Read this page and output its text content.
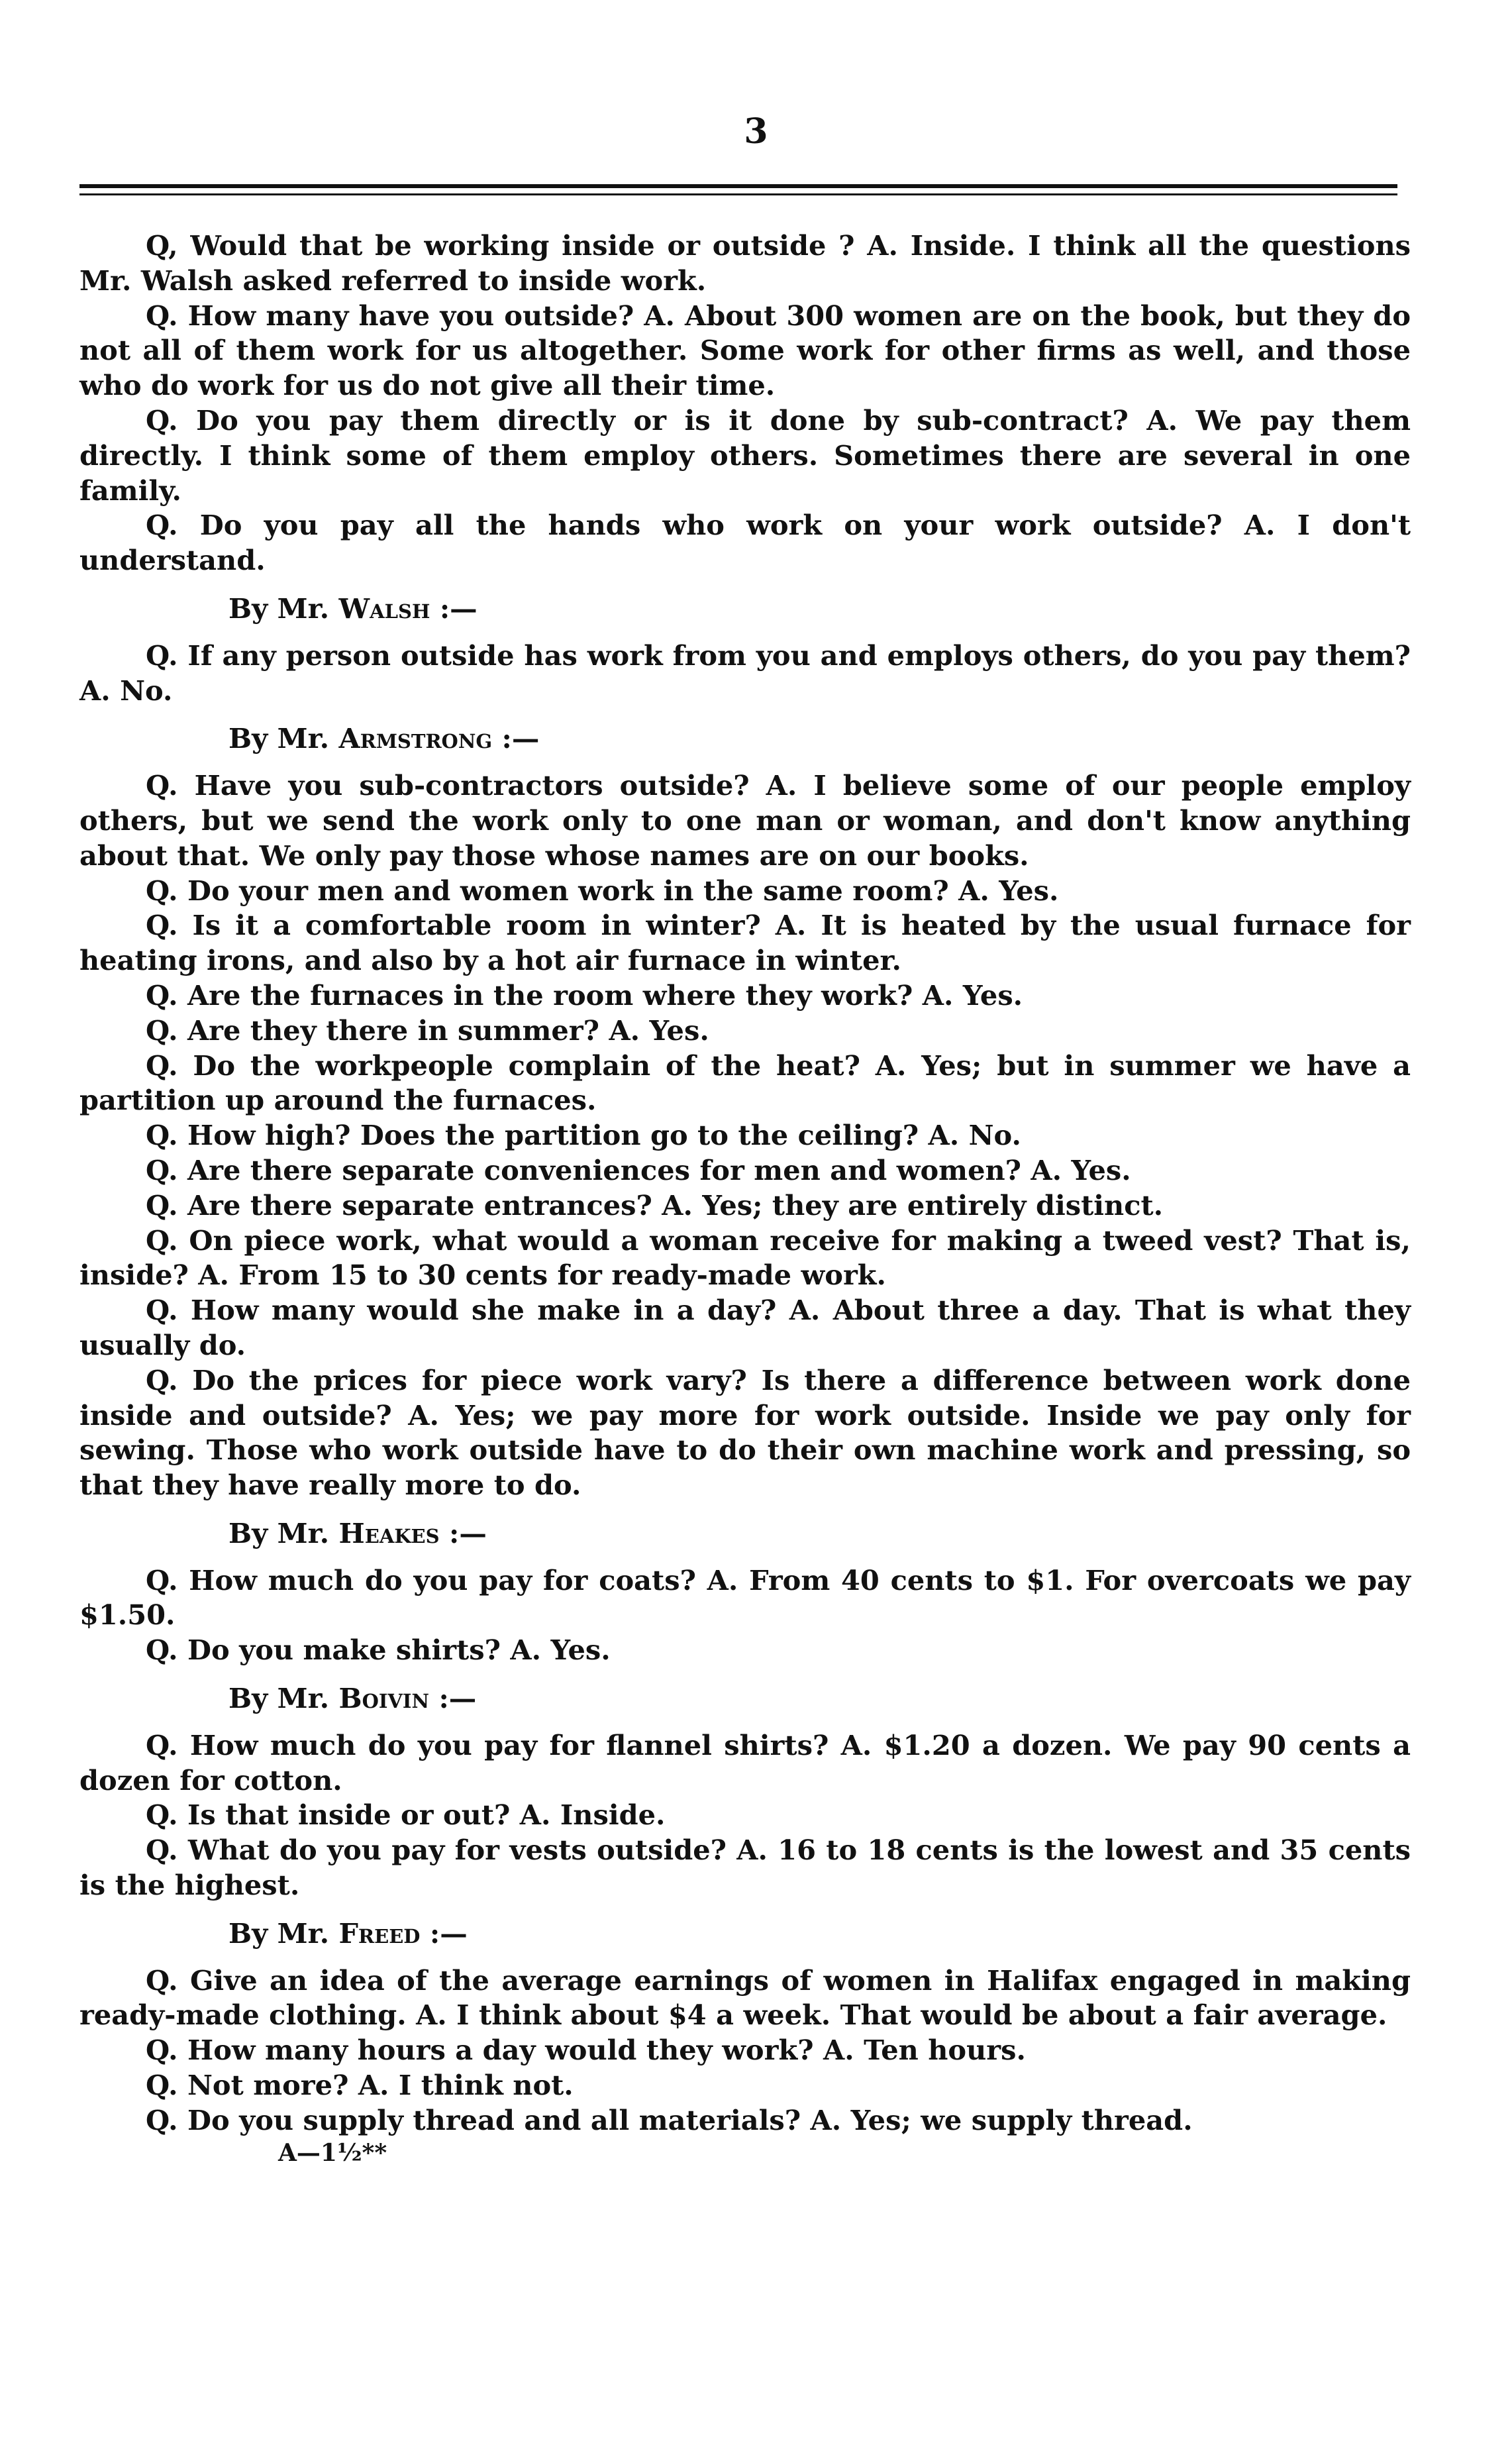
3

Q, Would that be working inside or outside ? A. Inside. I think all the questions Mr. Walsh asked referred to inside work.

Q. How many have you outside? A. About 300 women are on the book, but they do not all of them work for us altogether. Some work for other firms as well, and those who do work for us do not give all their time.

Q. Do you pay them directly or is it done by sub-contract? A. We pay them directly. I think some of them employ others. Sometimes there are several in one family.

Q. Do you pay all the hands who work on your work outside? A. I don't understand.

By Mr. Walsh :—

Q. If any person outside has work from you and employs others, do you pay them? A. No.

By Mr. Armstrong :—

Q. Have you sub-contractors outside? A. I believe some of our people employ others, but we send the work only to one man or woman, and don't know anything about that. We only pay those whose names are on our books.

Q. Do your men and women work in the same room? A. Yes.

Q. Is it a comfortable room in winter? A. It is heated by the usual furnace for heating irons, and also by a hot air furnace in winter.

Q. Are the furnaces in the room where they work? A. Yes.

Q. Are they there in summer? A. Yes.

Q. Do the workpeople complain of the heat? A. Yes; but in summer we have a partition up around the furnaces.

Q. How high? Does the partition go to the ceiling? A. No.

Q. Are there separate conveniences for men and women? A. Yes.

Q. Are there separate entrances? A. Yes; they are entirely distinct.

Q. On piece work, what would a woman receive for making a tweed vest? That is, inside? A. From 15 to 30 cents for ready-made work.

Q. How many would she make in a day? A. About three a day. That is what they usually do.

Q. Do the prices for piece work vary? Is there a difference between work done inside and outside? A. Yes; we pay more for work outside. Inside we pay only for sewing. Those who work outside have to do their own machine work and pressing, so that they have really more to do.

By Mr. Heakes :—

Q. How much do you pay for coats? A. From 40 cents to $1. For overcoats we pay $1.50.

Q. Do you make shirts? A. Yes.

By Mr. Boivin :—

Q. How much do you pay for flannel shirts? A. $1.20 a dozen. We pay 90 cents a dozen for cotton.

Q. Is that inside or out? A. Inside.

Q. What do you pay for vests outside? A. 16 to 18 cents is the lowest and 35 cents is the highest.

By Mr. Freed :—

Q. Give an idea of the average earnings of women in Halifax engaged in making ready-made clothing. A. I think about $4 a week. That would be about a fair average.

Q. How many hours a day would they work? A. Ten hours.

Q. Not more? A. I think not.

Q. Do you supply thread and all materials? A. Yes; we supply thread.

A—1½**
